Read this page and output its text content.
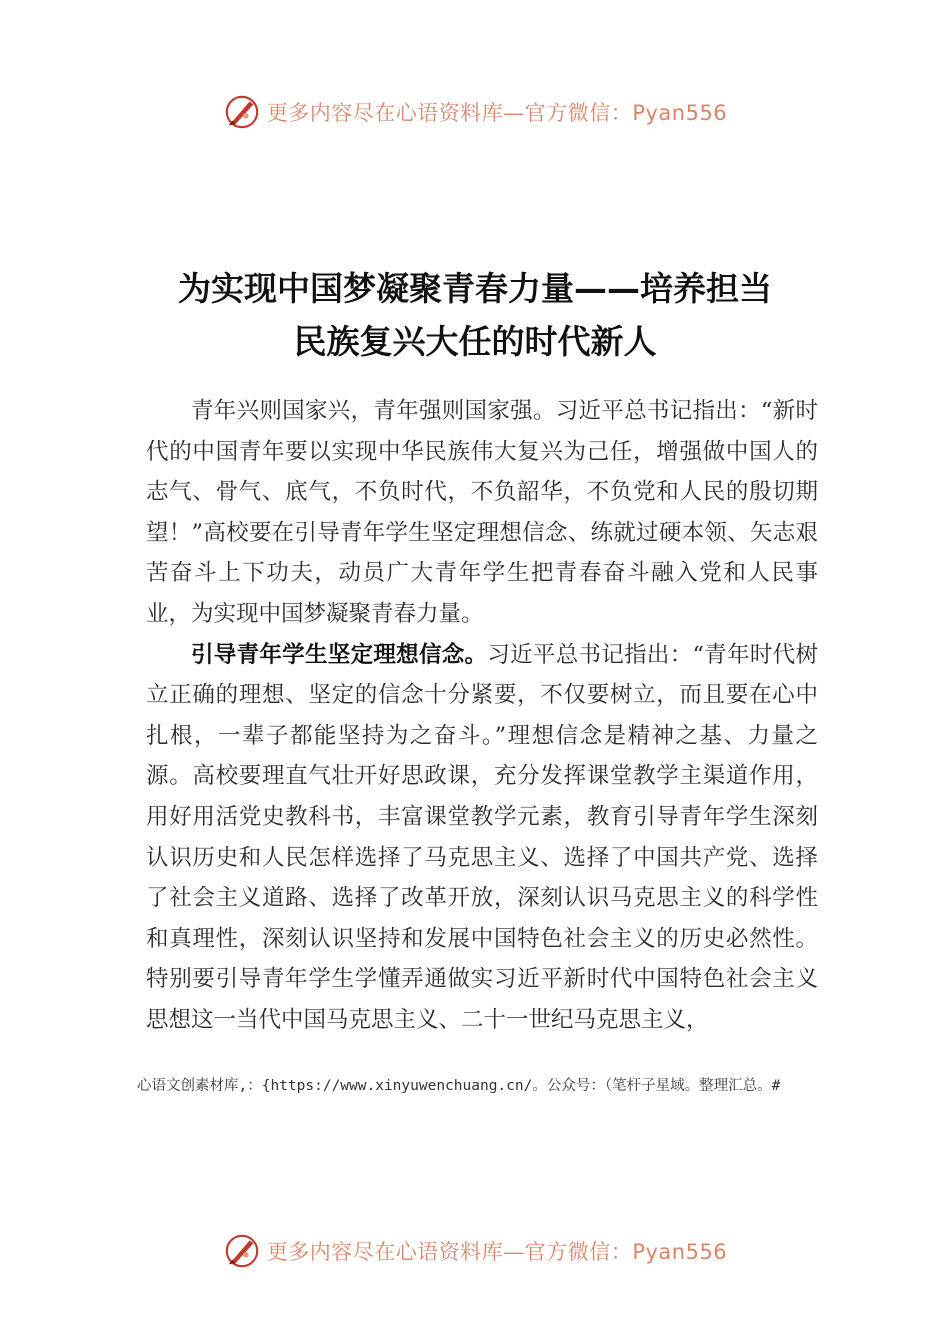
更多内容尽在心语资料库—官方微信：Pyan556
为实现中国梦凝聚青春力量——培养担当
民族复兴大任的时代新人

青年兴则国家兴，青年强则国家强。习近平总书记指出：“新时代的中国青年要以实现中华民族伟大复兴为己任，增强做中国人的志气、骨气、底气，不负时代，不负韶华，不负党和人民的殷切期望！”高校要在引导青年学生坚定理想信念、练就过硬本领、矢志艰苦奋斗上下功夫，动员广大青年学生把青春奋斗融入党和人民事业，为实现中国梦凝聚青春力量。

引导青年学生坚定理想信念。习近平总书记指出：“青年时代树立正确的理想、坚定的信念十分紧要，不仅要树立，而且要在心中扎根，一辈子都能坚持为之奋斗。”理想信念是精神之基、力量之源。高校要理直气壮开好思政课，充分发挥课堂教学主渠道作用，用好用活党史教科书，丰富课堂教学元素，教育引导青年学生深刻认识历史和人民怎样选择了马克思主义、选择了中国共产党、选择了社会主义道路、选择了改革开放，深刻认识马克思主义的科学性和真理性，深刻认识坚持和发展中国特色社会主义的历史必然性。特别要引导青年学生学懂弄通做实习近平新时代中国特色社会主义思想这一当代中国马克思主义、二十一世纪马克思主义，

心语文创素材库,：{https://www.xinyuwenchuang.cn/。公众号：（笔杆子星域。整理汇总。#
更多内容尽在心语资料库—官方微信：Pyan556
